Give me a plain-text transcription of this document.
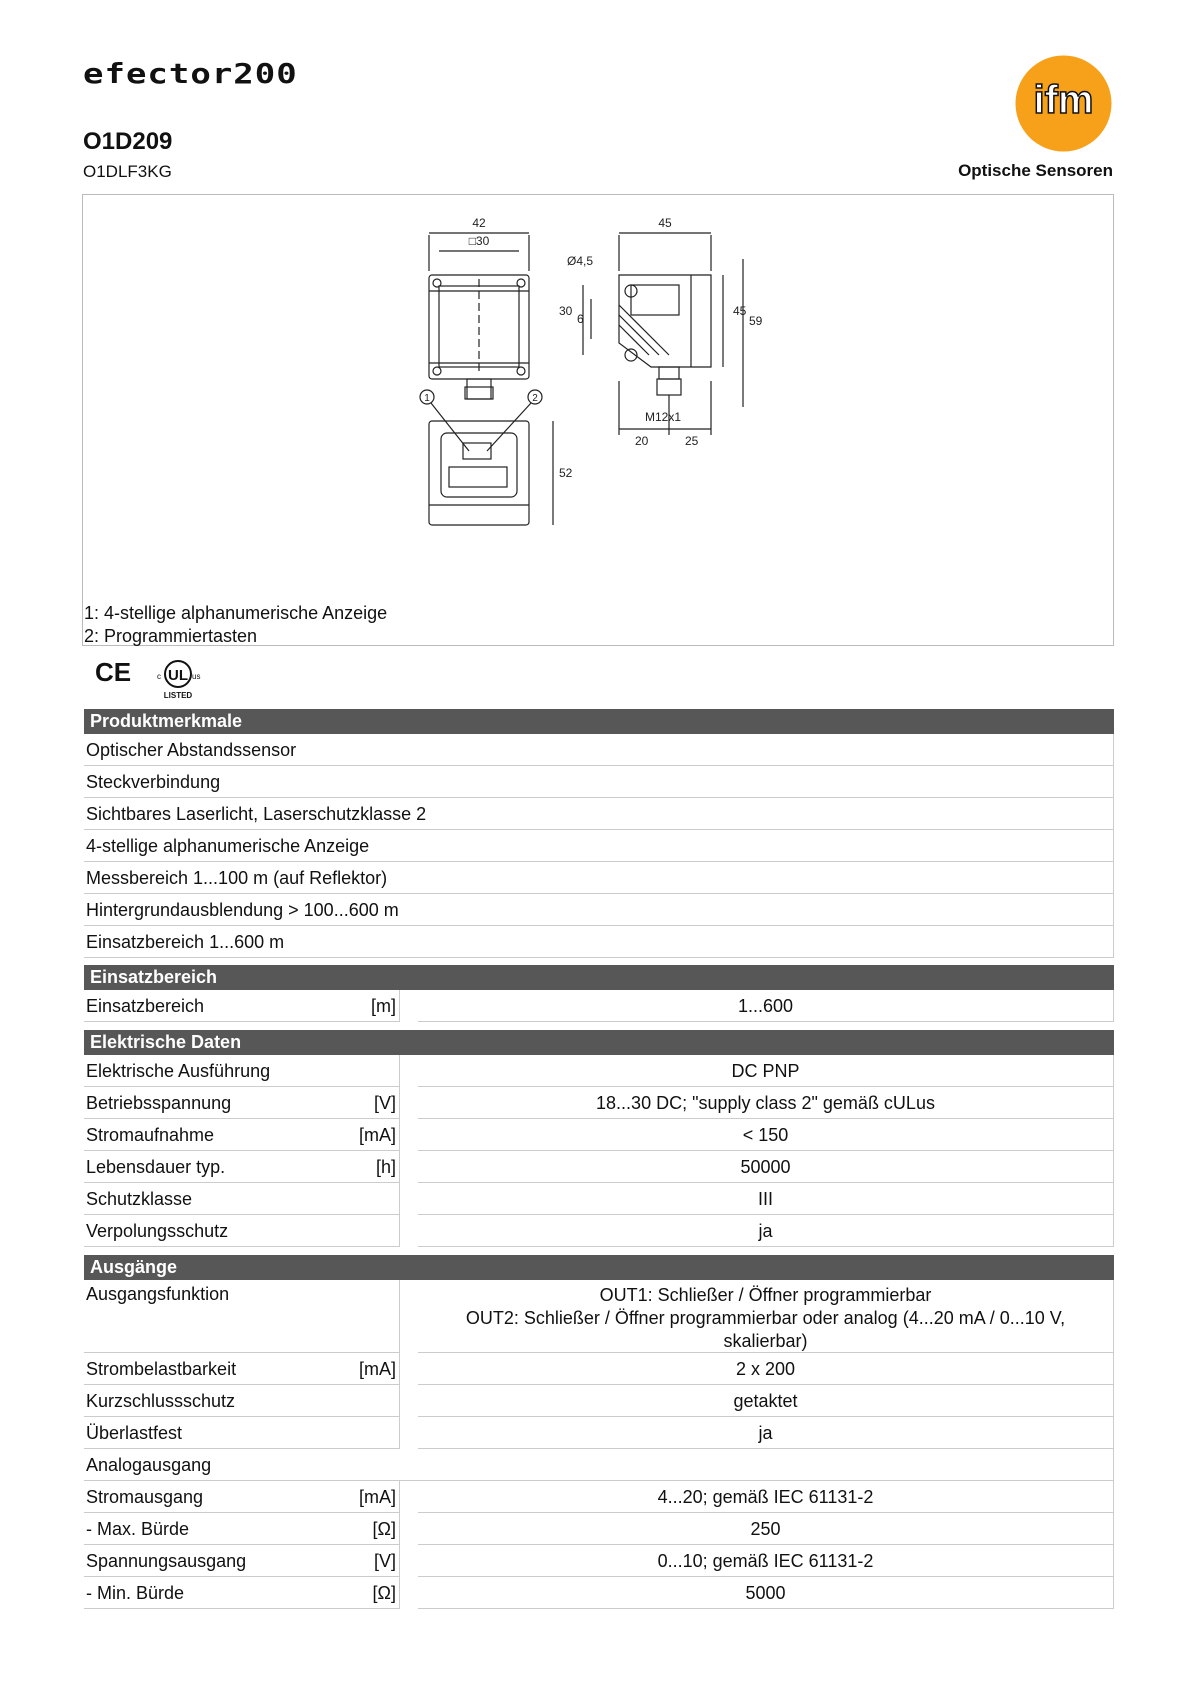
efector200
ifm
O1D209
O1DLF3KG	Optische Sensoren
42
□30
45
45
59
30
6
Ø4,5
M12x1
20	25
52
1	2
1: 4-stellige alphanumerische Anzeige
2: Programmiertasten
CE UL
c	us
LISTED
Produktmerkmale
Optischer Abstandssensor
Steckverbindung
Sichtbares Laserlicht, Laserschutzklasse 2
4-stellige alphanumerische Anzeige
Messbereich 1...100 m (auf Reflektor)
Hintergrundausblendung > 100...600 m
Einsatzbereich 1...600 m
Einsatzbereich
Einsatzbereich	[m]	1...600
Elektrische Daten
Elektrische Ausführung	DC PNP
Betriebsspannung	[V]	18...30 DC; "supply class 2" gemäß cULus
Stromaufnahme	[mA]	< 150
Lebensdauer typ.	[h]	50000
Schutzklasse	III
Verpolungsschutz	ja
Ausgänge
Ausgangsfunktion	OUT1: Schließer / Öffner programmierbar
OUT2: Schließer / Öffner programmierbar oder analog (4...20 mA / 0...10 V,
skalierbar)
Strombelastbarkeit	[mA]	2 x 200
Kurzschlussschutz	getaktet
Überlastfest	ja
Analogausgang
Stromausgang	[mA]	4...20; gemäß IEC 61131-2
- Max. Bürde	[Ω]	250
Spannungsausgang	[V]	0...10; gemäß IEC 61131-2
- Min. Bürde	[Ω]	5000
